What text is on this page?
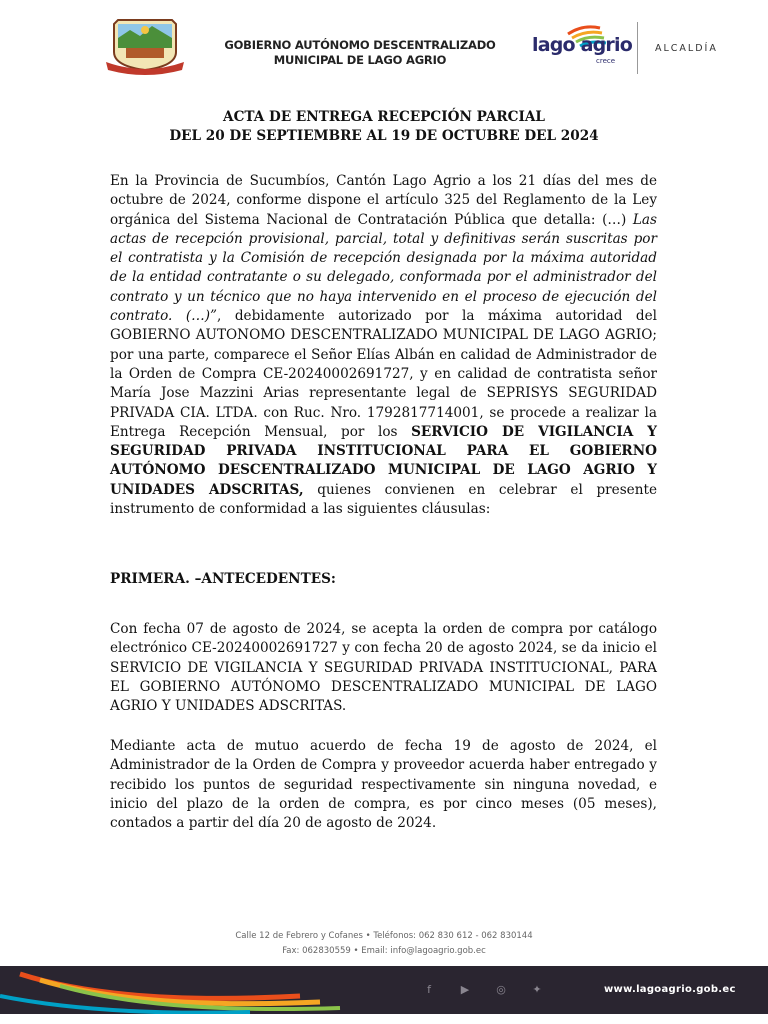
GOBIERNO AUTÓNOMO DESCENTRALIZADO
MUNICIPAL DE LAGO AGRIO
lago agrio
crece
ALCALDÍA
ACTA DE ENTREGA RECEPCIÓN PARCIAL
DEL 20 DE SEPTIEMBRE AL 19 DE OCTUBRE DEL 2024
En la Provincia de Sucumbíos, Cantón Lago Agrio a los 21 días del mes de octubre de 2024, conforme dispone el artículo 325 del Reglamento de la Ley orgánica del Sistema Nacional de Contratación Pública que detalla: (…) Las actas de recepción provisional, parcial, total y definitivas serán suscritas por el contratista y la Comisión de recepción designada por la máxima autoridad de la entidad contratante o su delegado, conformada por el administrador del contrato y un técnico que no haya intervenido en el proceso de ejecución del contrato. (…)”, debidamente autorizado por la máxima autoridad del GOBIERNO AUTONOMO DESCENTRALIZADO MUNICIPAL DE LAGO AGRIO; por una parte, comparece el Señor Elías Albán en calidad de Administrador de la Orden de Compra CE-20240002691727, y en calidad de contratista señor María Jose Mazzini Arias representante legal de SEPRISYS SEGURIDAD PRIVADA CIA. LTDA. con Ruc. Nro. 1792817714001, se procede a realizar la Entrega Recepción Mensual, por los SERVICIO DE VIGILANCIA Y SEGURIDAD PRIVADA INSTITUCIONAL PARA EL GOBIERNO AUTÓNOMO DESCENTRALIZADO MUNICIPAL DE LAGO AGRIO Y UNIDADES ADSCRITAS, quienes convienen en celebrar el presente instrumento de conformidad a las siguientes cláusulas:
PRIMERA. –ANTECEDENTES:
Con fecha 07 de agosto de 2024, se acepta la orden de compra por catálogo electrónico CE-20240002691727 y con fecha 20 de agosto 2024, se da inicio el SERVICIO DE VIGILANCIA Y SEGURIDAD PRIVADA INSTITUCIONAL, PARA EL GOBIERNO AUTÓNOMO DESCENTRALIZADO MUNICIPAL DE LAGO AGRIO Y UNIDADES ADSCRITAS.
Mediante acta de mutuo acuerdo de fecha 19 de agosto de 2024, el Administrador de la Orden de Compra y proveedor acuerda haber entregado y recibido los puntos de seguridad respectivamente sin ninguna novedad, e inicio del plazo de la orden de compra, es por cinco meses (05 meses), contados a partir del día 20 de agosto de 2024.
Calle 12 de Febrero y Cofanes • Teléfonos: 062 830 612 - 062 830144
Fax: 062830559 • Email: info@lagoagrio.gob.ec
f	▶ ◎ ✦	www.lagoagrio.gob.ec
